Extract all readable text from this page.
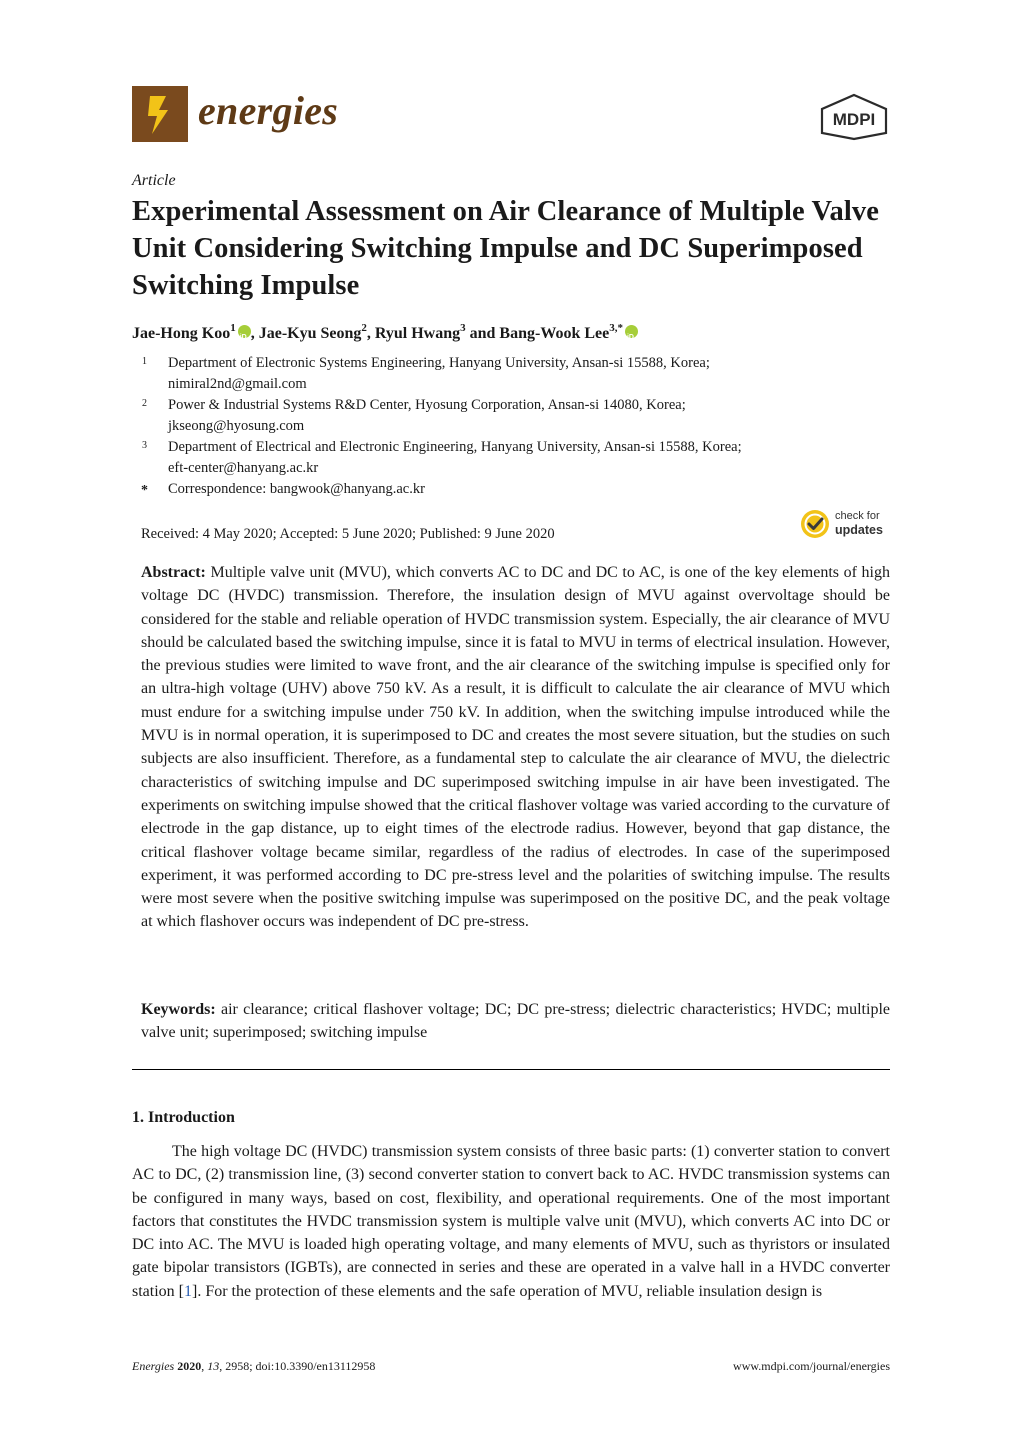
energies	MDPI
Article
Experimental Assessment on Air Clearance of Multiple Valve Unit Considering Switching Impulse and DC Superimposed Switching Impulse
Jae-Hong Koo$^1$iD , Jae-Kyu Seong$^2$, Ryul Hwang$^3$ and Bang-Wook Lee$^{3,*}$iD
1 Department of Electronic Systems Engineering, Hanyang University, Ansan-si 15588, Korea;
nimiral2nd@gmail.com
2 Power & Industrial Systems R&D Center, Hyosung Corporation, Ansan-si 14080, Korea;
jkseong@hyosung.com
3 Department of Electrical and Electronic Engineering, Hanyang University, Ansan-si 15588, Korea;
eft-center@hanyang.ac.kr
* Correspondence: bangwook@hanyang.ac.kr
Received: 4 May 2020; Accepted: 5 June 2020; Published: 9 June 2020
check for
updates
Abstract: Multiple valve unit (MVU), which converts AC to DC and DC to AC, is one of the key elements of high voltage DC (HVDC) transmission. Therefore, the insulation design of MVU against overvoltage should be considered for the stable and reliable operation of HVDC transmission system. Especially, the air clearance of MVU should be calculated based the switching impulse, since it is fatal to MVU in terms of electrical insulation. However, the previous studies were limited to wave front, and the air clearance of the switching impulse is specified only for an ultra-high voltage (UHV) above 750 kV. As a result, it is difficult to calculate the air clearance of MVU which must endure for a switching impulse under 750 kV. In addition, when the switching impulse introduced while the MVU is in normal operation, it is superimposed to DC and creates the most severe situation, but the studies on such subjects are also insufficient. Therefore, as a fundamental step to calculate the air clearance of MVU, the dielectric characteristics of switching impulse and DC superimposed switching impulse in air have been investigated. The experiments on switching impulse showed that the critical flashover voltage was varied according to the curvature of electrode in the gap distance, up to eight times of the electrode radius. However, beyond that gap distance, the critical flashover voltage became similar, regardless of the radius of electrodes. In case of the superimposed experiment, it was performed according to DC pre-stress level and the polarities of switching impulse. The results were most severe when the positive switching impulse was superimposed on the positive DC, and the peak voltage at which flashover occurs was independent of DC pre-stress.
Keywords: air clearance; critical flashover voltage; DC; DC pre-stress; dielectric characteristics; HVDC; multiple valve unit; superimposed; switching impulse
1. Introduction
The high voltage DC (HVDC) transmission system consists of three basic parts: (1) converter station to convert AC to DC, (2) transmission line, (3) second converter station to convert back to AC. HVDC transmission systems can be configured in many ways, based on cost, flexibility, and operational requirements. One of the most important factors that constitutes the HVDC transmission system is multiple valve unit (MVU), which converts AC into DC or DC into AC. The MVU is loaded high operating voltage, and many elements of MVU, such as thyristors or insulated gate bipolar transistors (IGBTs), are connected in series and these are operated in a valve hall in a HVDC converter station [1]. For the protection of these elements and the safe operation of MVU, reliable insulation design is
Energies 2020, 13, 2958; doi:10.3390/en13112958	www.mdpi.com/journal/energies
